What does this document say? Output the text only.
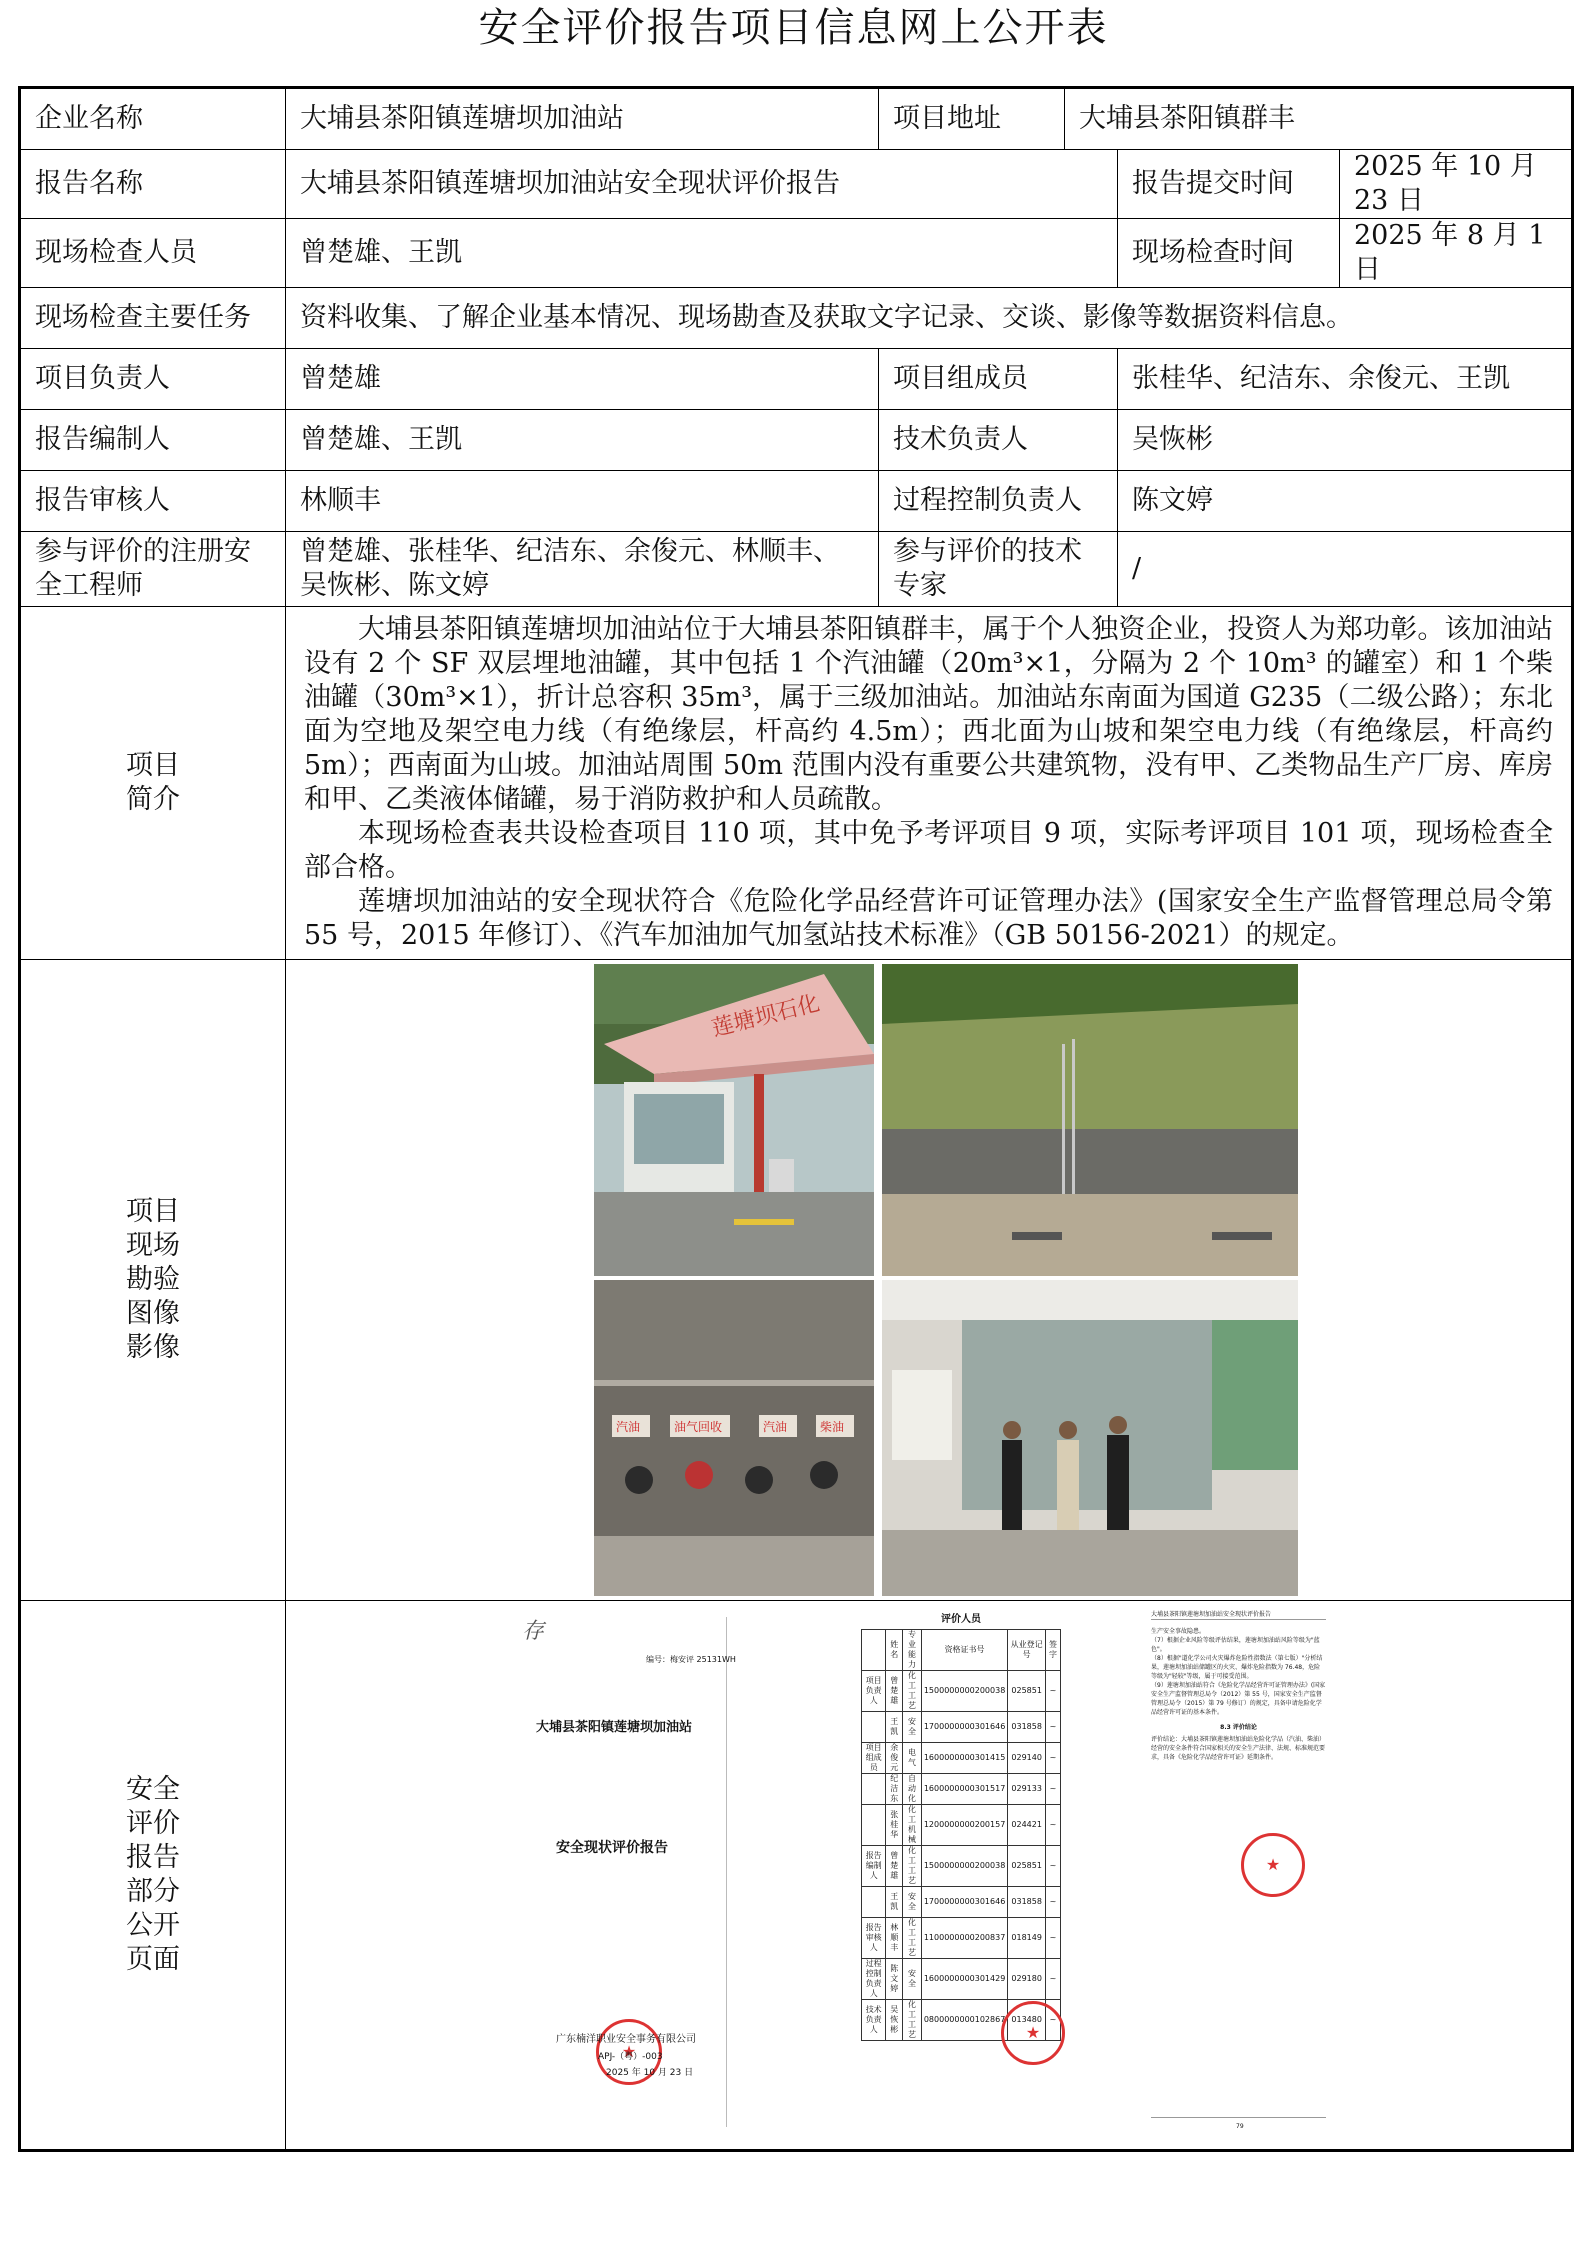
安全评价报告项目信息网上公开表
企业名称	大埔县茶阳镇莲塘坝加油站	项目地址	大埔县茶阳镇群丰
报告名称	大埔县茶阳镇莲塘坝加油站安全现状评价报告	报告提交时间	2025 年 10 月 23 日
现场检查人员	曾楚雄、王凯	现场检查时间	2025 年 8 月 1 日
现场检查主要任务	资料收集、了解企业基本情况、现场勘查及获取文字记录、交谈、影像等数据资料信息。
项目负责人	曾楚雄	项目组成员	张桂华、纪洁东、余俊元、王凯
报告编制人	曾楚雄、王凯	技术负责人	吴恢彬
报告审核人	林顺丰	过程控制负责人	陈文婷
参与评价的注册安全工程师	曾楚雄、张桂华、纪洁东、余俊元、林顺丰、吴恢彬、陈文婷	参与评价的技术专家	/

项目简介

大埔县茶阳镇莲塘坝加油站位于大埔县茶阳镇群丰，属于个人独资企业，投资人为郑功彰。该加油站设有 2 个 SF 双层埋地油罐，其中包括 1 个汽油罐（20m³×1，分隔为 2 个 10m³ 的罐室）和 1 个柴油罐（30m³×1），折计总容积 35m³，属于三级加油站。加油站东南面为国道 G235（二级公路）；东北面为空地及架空电力线（有绝缘层，杆高约 4.5m）；西北面为山坡和架空电力线（有绝缘层，杆高约 5m）；西南面为山坡。加油站周围 50m 范围内没有重要公共建筑物，没有甲、乙类物品生产厂房、库房和甲、乙类液体储罐，易于消防救护和人员疏散。

本现场检查表共设检查项目 110 项，其中免予考评项目 9 项，实际考评项目 101 项，现场检查全部合格。

莲塘坝加油站的安全现状符合《危险化学品经营许可证管理办法》(国家安全生产监督管理总局令第 55 号，2015 年修订）、《汽车加油加气加氢站技术标准》（GB 50156-2021）的规定。

项目现场勘验图像影像

莲塘坝石化
汽油	油气回收	汽油	柴油

安全评价报告部分公开页面

存
编号：梅安评 25131WH
大埔县茶阳镇莲塘坝加油站
安全现状评价报告
★
广东楠洋职业安全事务有限公司
APJ-（粤）-003
2025 年 10 月 23 日
评价人员
	姓名	专业能力	资格证书号	从业登记号	签字
项目负责人	曾楚雄	化工工艺	1500000000200038	025851	~
	王 凯	安全	1700000000301646	031858	~
项目组成员	余俊元	电气	1600000000301415	029140	~
	纪洁东	自动化	1600000000301517	029133	~
	张桂华	化工机械	1200000000200157	024421	~
报告编制人	曾楚雄	化工工艺	1500000000200038	025851	~
	王 凯	安全	1700000000301646	031858	~
报告审核人	林顺丰	化工工艺	1100000000200837	018149	~
过程控制负责人	陈文婷	安全	1600000000301429	029180	~
技术负责人	吴恢彬	化工工艺	0800000000102867	013480	~
★
大埔县茶阳镇莲塘坝加油站安全现状评价报告
生产安全事故隐患。
（7）根据企业风险等级评估结果，莲塘坝加油站风险等级为"蓝色"。
（8）根据"道化学公司火灾爆炸危险性指数法（第七版）"分析结果，莲塘坝加油站储罐区的火灾、爆炸危险指数为 76.48，危险等级为"轻较"等级，属于可接受范围。
（9）莲塘坝加油站符合《危险化学品经营许可证管理办法》(国家安全生产监督管理总局令（2012）第 55 号，国家安全生产监督管理总局令（2015）第 79 号修订）的规定，具备申请危险化学品经营许可证的基本条件。
8.3 评价结论
评价结论：大埔县茶阳镇莲塘坝加油站危险化学品（汽油、柴油）经营的安全条件符合国家相关的安全生产法律、法规、标准规范要求，具备《危险化学品经营许可证》延期条件。
★
79
